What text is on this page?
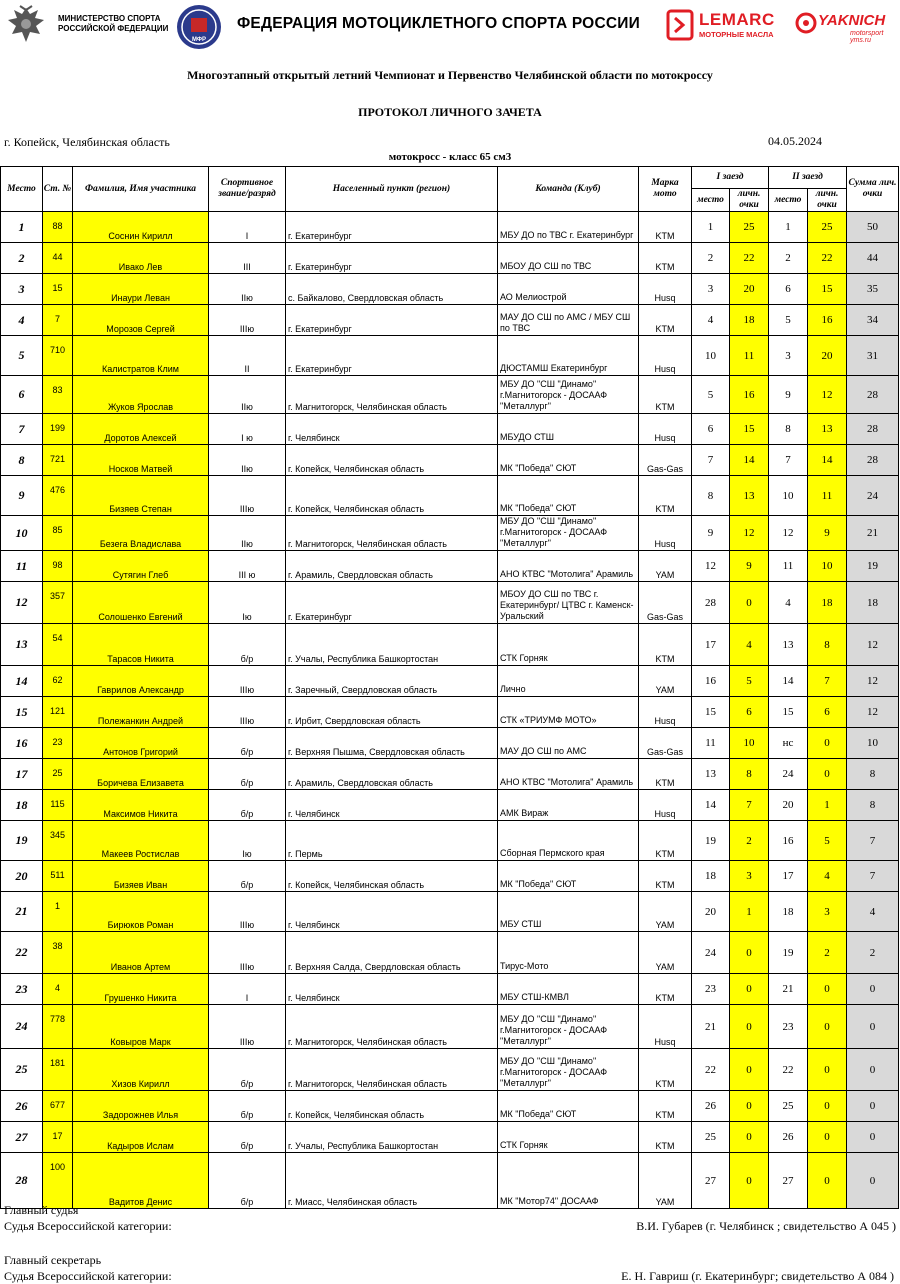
МИНИСТЕРСТВО СПОРТА
РОССИЙСКОЙ ФЕДЕРАЦИИ
МФР
ФЕДЕРАЦИЯ МОТОЦИКЛЕТНОГО СПОРТА РОССИИ	LEMARC
МОТОРНЫЕ МАСЛА
YAKNICH
motorsport yms.ru
Многоэтапный открытый летний Чемпионат и Первенство Челябинской области по мотокроссу
ПРОТОКОЛ ЛИЧНОГО ЗАЧЕТА
г. Копейск, Челябинская область	04.05.2024
мотокросс - класс 65 см3
Место	Ст. №	Фамилия, Имя участника	Спортивное звание/разряд	Населенный пункт (регион)	Команда (Клуб)	Марка мото	I заезд		II заезд		Сумма лич. очки
							место	личн. очки	место	личн. очки	
1	88	Соснин Кирилл	I	г. Екатеринбург	МБУ ДО по ТВС г. Екатеринбург	KTM	1	25	1	25	50
2	44	Ивако Лев	III	г. Екатеринбург	МБОУ ДО СШ по ТВС	KTM	2	22	2	22	44
3	15	Инаури Леван	IIю	с. Байкалово, Свердловская область	АО Мелиострой	Husq	3	20	6	15	35
4	7	Морозов Сергей	IIIю	г. Екатеринбург	МАУ ДО СШ по АМС / МБУ СШ по ТВС	KTM	4	18	5	16	34
5	710	Калистратов Клим	II	г. Екатеринбург	ДЮСТАМШ Екатеринбург	Husq	10	11	3	20	31
6	83	Жуков Ярослав	IIю	г. Магнитогорск, Челябинская область	МБУ ДО "СШ "Динамо" г.Магнитогорск - ДОСААФ "Металлург"	KTM	5	16	9	12	28
7	199	Доротов Алексей	I ю	г. Челябинск	МБУДО СТШ	Husq	6	15	8	13	28
8	721	Носков Матвей	IIю	г. Копейск, Челябинская область	МК "Победа" СЮТ	Gas-Gas	7	14	7	14	28
9	476	Бизяев Степан	IIIю	г. Копейск, Челябинская область	МК "Победа" СЮТ	KTM	8	13	10	11	24
10	85	Безега Владислава	IIю	г. Магнитогорск, Челябинская область	МБУ ДО "СШ "Динамо" г.Магнитогорск - ДОСААФ "Металлург"	Husq	9	12	12	9	21
11	98	Сутягин Глеб	III ю	г. Арамиль, Свердловская область	АНО КТВС "Мотолига" Арамиль	YAM	12	9	11	10	19
12	357	Солошенко Евгений	Iю	г. Екатеринбург	МБОУ ДО СШ по ТВС г. Екатеринбург/ ЦТВС г. Каменск-Уральский	Gas-Gas	28	0	4	18	18
13	54	Тарасов Никита	б/р	г. Учалы, Республика Башкортостан	СТК Горняк	KTM	17	4	13	8	12
14	62	Гаврилов Александр	IIIю	г. Заречный, Свердловская область	Лично	YAM	16	5	14	7	12
15	121	Полежанкин Андрей	IIIю	г. Ирбит, Свердловская область	СТК «ТРИУМФ МОТО»	Husq	15	6	15	6	12
16	23	Антонов Григорий	б/р	г. Верхняя Пышма, Свердловская область	МАУ ДО СШ по АМС	Gas-Gas	11	10	нс	0	10
17	25	Боричева Елизавета	б/р	г. Арамиль, Свердловская область	АНО КТВС "Мотолига" Арамиль	KTM	13	8	24	0	8
18	115	Максимов Никита	б/р	г. Челябинск	АМК Вираж	Husq	14	7	20	1	8
19	345	Макеев Ростислав	Iю	г. Пермь	Сборная Пермского края	KTM	19	2	16	5	7
20	511	Бизяев Иван	б/р	г. Копейск, Челябинская область	МК "Победа" СЮТ	KTM	18	3	17	4	7
21	1	Бирюков Роман	IIIю	г. Челябинск	МБУ СТШ	YAM	20	1	18	3	4
22	38	Иванов Артем	IIIю	г. Верхняя Салда, Свердловская область	Тирус-Мото	YAM	24	0	19	2	2
23	4	Грушенко Никита	I	г. Челябинск	МБУ СТШ-КМВЛ	KTM	23	0	21	0	0
24	778	Ковыров Марк	IIIю	г. Магнитогорск, Челябинская область	МБУ ДО "СШ "Динамо" г.Магнитогорск - ДОСААФ "Металлург"	Husq	21	0	23	0	0
25	181	Хизов Кирилл	б/р	г. Магнитогорск, Челябинская область	МБУ ДО "СШ "Динамо" г.Магнитогорск - ДОСААФ "Металлург"	KTM	22	0	22	0	0
26	677	Задорожнев Илья	б/р	г. Копейск, Челябинская область	МК "Победа" СЮТ	KTM	26	0	25	0	0
27	17	Кадыров Ислам	б/р	г. Учалы, Республика Башкортостан	СТК Горняк	KTM	25	0	26	0	0
28	100	Вадитов Денис	б/р	г. Миасс, Челябинская область	МК "Мотор74" ДОСААФ	YAM	27	0	27	0	0
Главный судья
Судья Всероссийской категории:	В.И. Губарев (г. Челябинск ; свидетельство А 045 )
Главный секретарь
Судья Всероссийской категории:	Е. Н. Гавриш (г. Екатеринбург; свидетельство А 084 )
